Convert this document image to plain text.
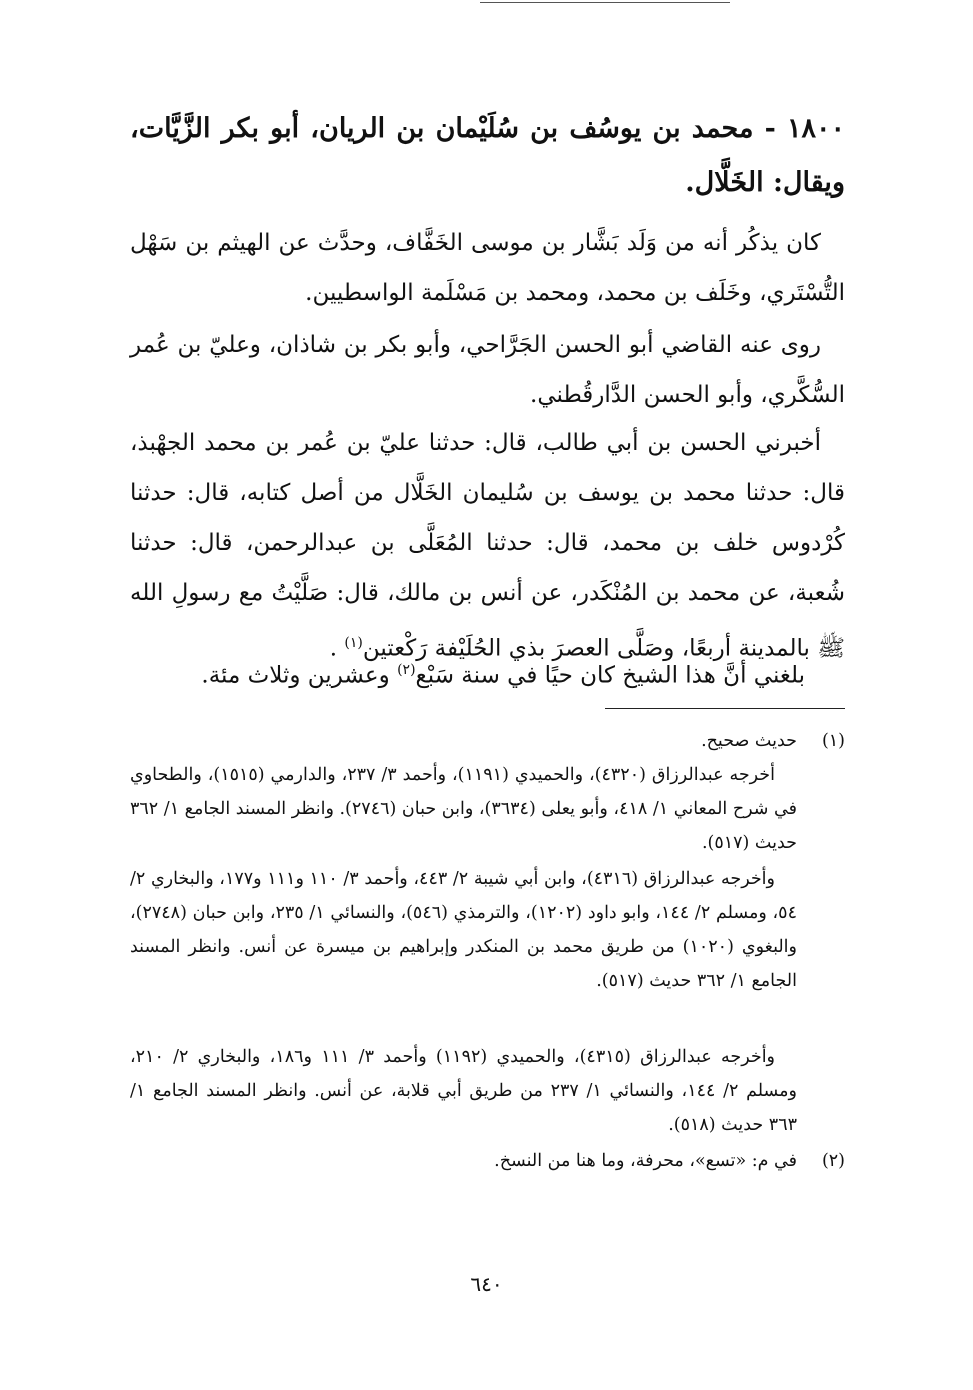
١٨٠٠ - محمد بن يوسُف بن سُلَيْمان بن الريان، أبو بكر الزَّيَّات، ويقال: الخَلَّال.

كان يذكُر أنه من وَلَد بَشَّار بن موسى الخَفَّاف، وحدَّث عن الهيثم بن سَهْل التُّسْتَري، وخَلَف بن محمد، ومحمد بن مَسْلَمة الواسطيين.

روى عنه القاضي أبو الحسن الجَرَّاحي، وأبو بكر بن شاذان، وعليّ بن عُمر السُّكَّري، وأبو الحسن الدَّارقُطني.

أخبرني الحسن بن أبي طالب، قال: حدثنا عليّ بن عُمر بن محمد الجهْبذ، قال: حدثنا محمد بن يوسف بن سُليمان الخَلَّال من أصل كتابه، قال: حدثنا كُرْدوس خلف بن محمد، قال: حدثنا المُعَلَّى بن عبدالرحمن، قال: حدثنا شُعبة، عن محمد بن المُنْكَدر، عن أنس بن مالك، قال: صَلَّيْتُ مع رسولِ الله ﷺ بالمدينة أربعًا، وصَلَّى العصرَ بذي الحُلَيْفة رَكْعتين$^{(١)}$ .

بلغني أنَّ هذا الشيخ كان حيًا في سنة سَبْع$^{(٢)}$ وعشرين وثلاث مئة.

(١)حديث صحيح.

أخرجه عبدالرزاق (٤٣٢٠)، والحميدي (١١٩١)، وأحمد ٣/ ٢٣٧، والدارمي (١٥١٥)، والطحاوي في شرح المعاني ١/ ٤١٨، وأبو يعلى (٣٦٣٤)، وابن حبان (٢٧٤٦). وانظر المسند الجامع ١/ ٣٦٢ حديث (٥١٧).

وأخرجه عبدالرزاق (٤٣١٦)، وابن أبي شيبة ٢/ ٤٤٣، وأحمد ٣/ ١١٠ و١١١ و١٧٧، والبخاري ٢/ ٥٤، ومسلم ٢/ ١٤٤، وابو داود (١٢٠٢)، والترمذي (٥٤٦)، والنسائي ١/ ٢٣٥، وابن حبان (٢٧٤٨)، والبغوي (١٠٢٠) من طريق محمد بن المنكدر وإبراهيم بن ميسرة عن أنس. وانظر المسند الجامع ١/ ٣٦٢ حديث (٥١٧).

وأخرجه عبدالرزاق (٤٣١٥)، والحميدي (١١٩٢) وأحمد ٣/ ١١١ و١٨٦، والبخاري ٢/ ٢١٠، ومسلم ٢/ ١٤٤، والنسائي ١/ ٢٣٧ من طريق أبي قلابة، عن أنس. وانظر المسند الجامع ١/ ٣٦٣ حديث (٥١٨).

(٢)في م: «تسع»، محرفة، وما هنا من النسخ.

٦٤٠
